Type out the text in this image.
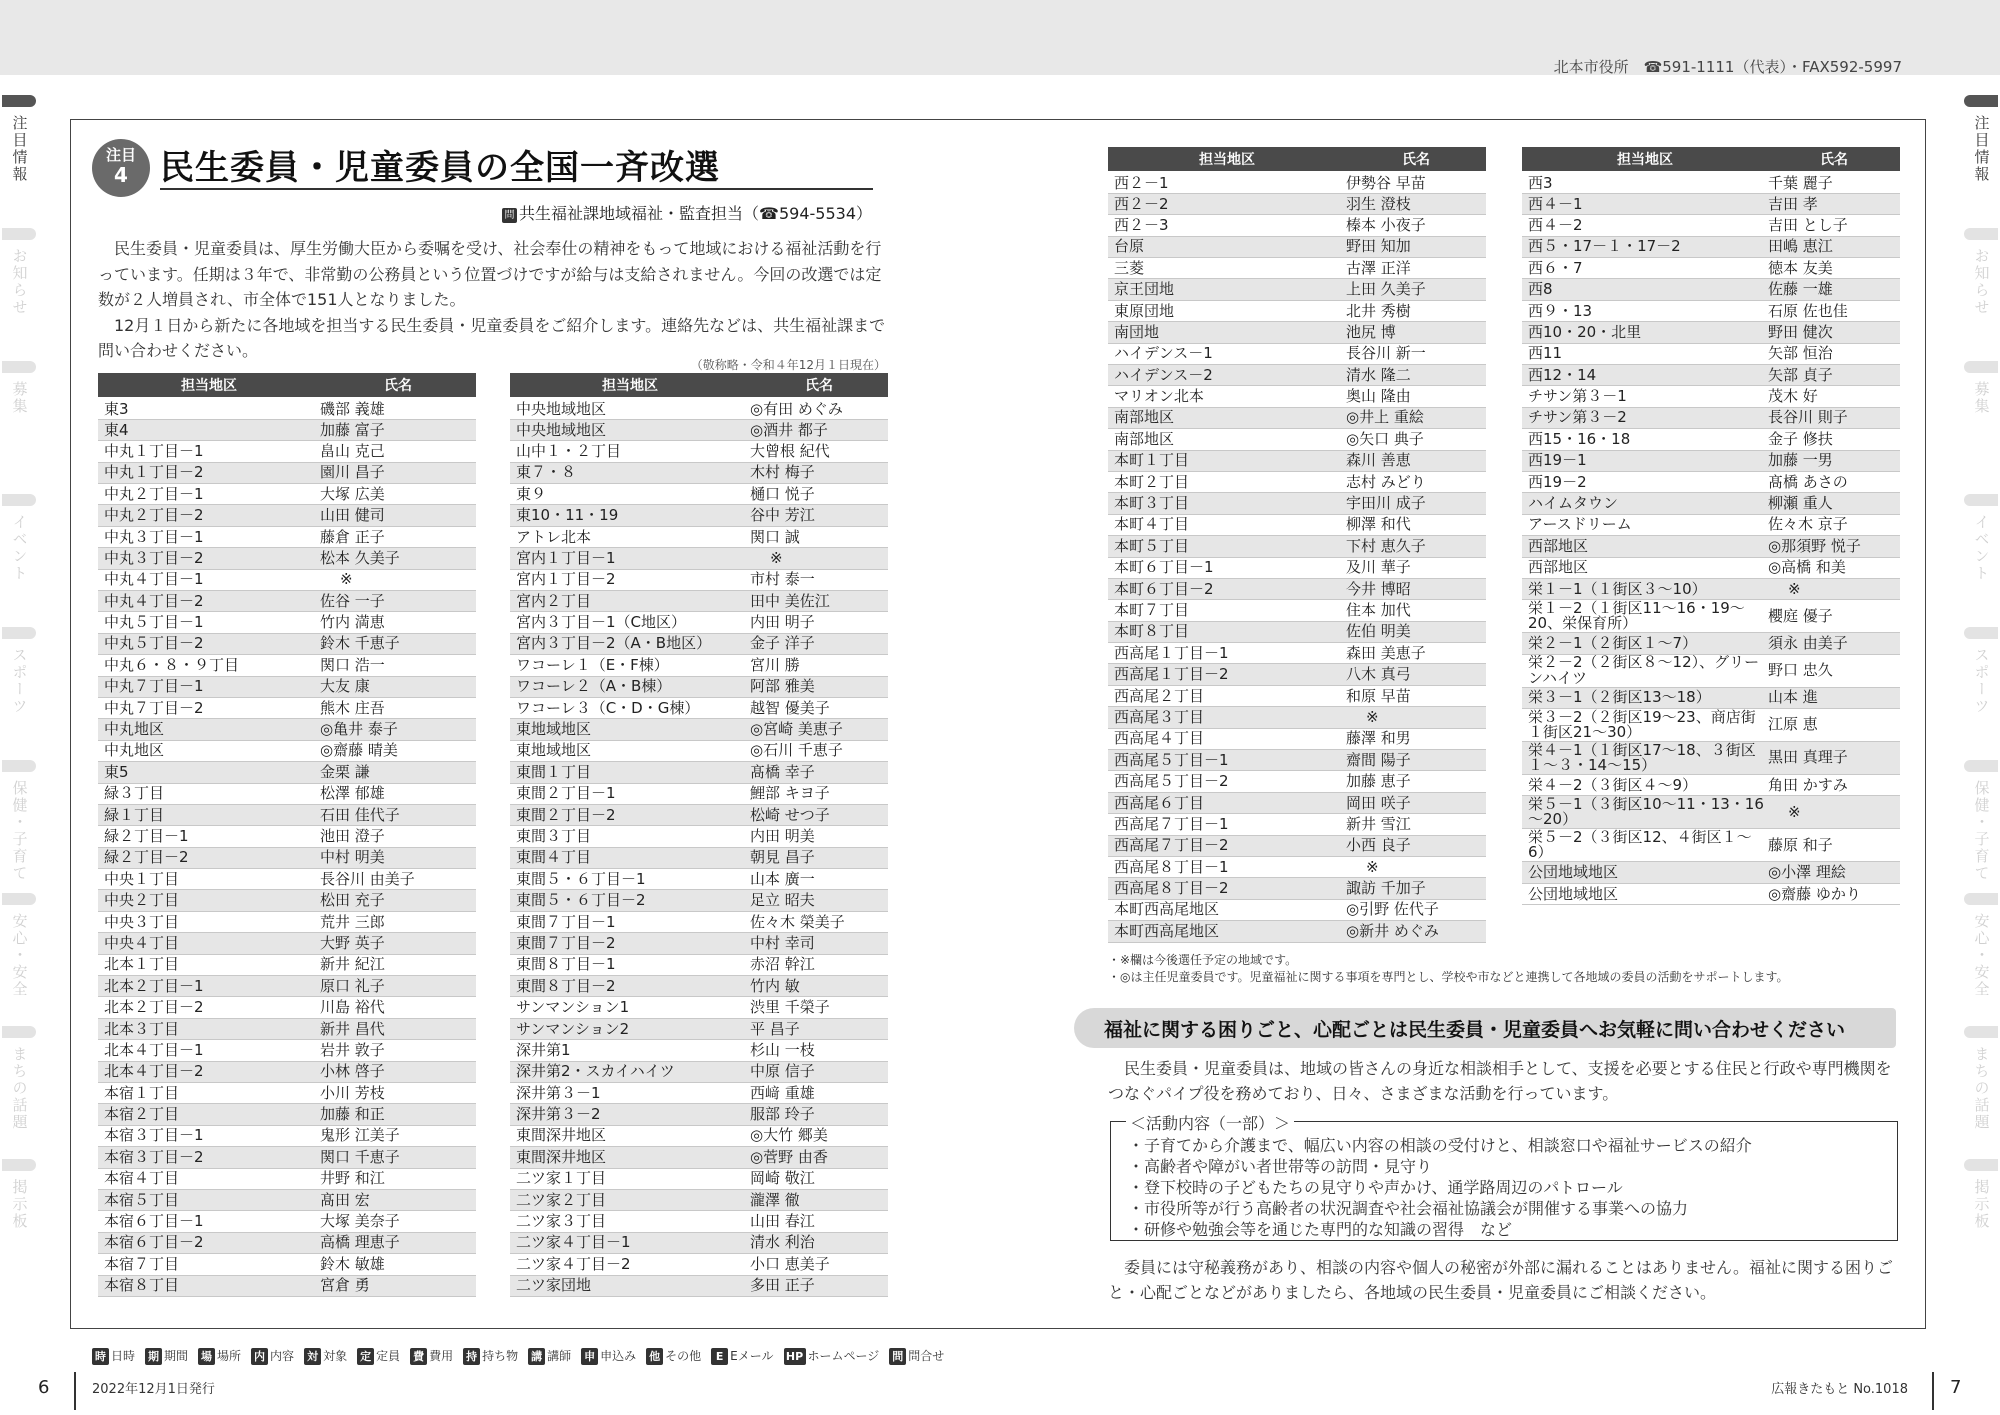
北本市役所　☎591-1111（代表）・FAX592-5997
注目情報
お知らせ
募集
イベント
スポーツ
保健・子育て
安心・安全
まちの話題
掲示板
注目情報
お知らせ
募集
イベント
スポーツ
保健・子育て
安心・安全
まちの話題
掲示板
注目
4 民生委員・児童委員の全国一斉改選
問 共生福祉課地域福祉・監査担当（☎594-5534）

民生委員・児童委員は、厚生労働大臣から委嘱を受け、社会奉仕の精神をもって地域における福祉活動を行っています。任期は３年で、非常勤の公務員という位置づけですが給与は支給されません。今回の改選では定数が２人増員され、市全体で151人となりました。

12月１日から新たに各地域を担当する民生委員・児童委員をご紹介します。連絡先などは、共生福祉課まで問い合わせください。

（敬称略・令和４年12月１日現在）
担当地区	氏名
東3	磯部 義雄
東4	加藤 富子
中丸１丁目－1	畠山 克己
中丸１丁目－2	園川 昌子
中丸２丁目－1	大塚 広美
中丸２丁目－2	山田 健司
中丸３丁目－1	藤倉 正子
中丸３丁目－2	松本 久美子
中丸４丁目－1	※
中丸４丁目－2	佐谷 一子
中丸５丁目－1	竹内 満恵
中丸５丁目－2	鈴木 千恵子
中丸６・８・９丁目	関口 浩一
中丸７丁目－1	大友 康
中丸７丁目－2	熊木 庄吾
中丸地区	◎亀井 泰子
中丸地区	◎齋藤 晴美
東5	金栗 謙
緑３丁目	松澤 郁雄
緑１丁目	石田 佳代子
緑２丁目－1	池田 澄子
緑２丁目－2	中村 明美
中央１丁目	長谷川 由美子
中央２丁目	松田 充子
中央３丁目	荒井 三郎
中央４丁目	大野 英子
北本１丁目	新井 紀江
北本２丁目－1	原口 礼子
北本２丁目－2	川島 裕代
北本３丁目	新井 昌代
北本４丁目－1	岩井 敦子
北本４丁目－2	小林 啓子
本宿１丁目	小川 芳枝
本宿２丁目	加藤 和正
本宿３丁目－1	鬼形 江美子
本宿３丁目－2	関口 千恵子
本宿４丁目	井野 和江
本宿５丁目	髙田 宏
本宿６丁目－1	大塚 美奈子
本宿６丁目－2	高橋 理恵子
本宿７丁目	鈴木 敏雄
本宿８丁目	宮倉 勇
担当地区	氏名
中央地域地区	◎有田 めぐみ
中央地域地区	◎酒井 都子
山中１・２丁目	大曾根 紀代
東７・８	木村 梅子
東９	樋口 悦子
東10・11・19	谷中 芳江
アトレ北本	関口 誠
宮内１丁目－1	※
宮内１丁目－2	市村 泰一
宮内２丁目	田中 美佐江
宮内３丁目－1（C地区）	内田 明子
宮内３丁目－2（A・B地区）	金子 洋子
ワコーレ１（E・F棟）	宮川 勝
ワコーレ２（A・B棟）	阿部 雅美
ワコーレ３（C・D・G棟）	越智 優美子
東地域地区	◎宮崎 美恵子
東地域地区	◎石川 千恵子
東間１丁目	髙橋 幸子
東間２丁目－1	鯉部 キヨ子
東間２丁目－2	松崎 せつ子
東間３丁目	内田 明美
東間４丁目	朝見 昌子
東間５・６丁目－1	山本 廣一
東間５・６丁目－2	足立 昭夫
東間７丁目－1	佐々木 榮美子
東間７丁目－2	中村 幸司
東間８丁目－1	赤沼 幹江
東間８丁目－2	竹内 敏
サンマンション1	渋里 千榮子
サンマンション2	平 昌子
深井第1	杉山 一枝
深井第2・スカイハイツ	中原 信子
深井第３－1	西﨑 重雄
深井第３－2	服部 玲子
東間深井地区	◎大竹 郷美
東間深井地区	◎菅野 由香
二ツ家１丁目	岡崎 敬江
二ツ家２丁目	瀧澤 徹
二ツ家３丁目	山田 春江
二ツ家４丁目－1	清水 利治
二ツ家４丁目－2	小口 恵美子
二ツ家団地	多田 正子
担当地区	氏名
西２－1	伊勢谷 早苗
西２－2	羽生 澄枝
西２－3	榛本 小夜子
台原	野田 知加
三菱	古澤 正洋
京王団地	上田 久美子
東原団地	北井 秀樹
南団地	池尻 博
ハイデンス－1	長谷川 新一
ハイデンス－2	清水 隆二
マリオン北本	奥山 隆由
南部地区	◎井上 重絵
南部地区	◎矢口 典子
本町１丁目	森川 善恵
本町２丁目	志村 みどり
本町３丁目	宇田川 成子
本町４丁目	柳澤 和代
本町５丁目	下村 恵久子
本町６丁目－1	及川 華子
本町６丁目－2	今井 博昭
本町７丁目	住本 加代
本町８丁目	佐伯 明美
西高尾１丁目－1	森田 美恵子
西高尾１丁目－2	八木 真弓
西高尾２丁目	和原 早苗
西高尾３丁目	※
西高尾４丁目	藤澤 和男
西高尾５丁目－1	齋間 陽子
西高尾５丁目－2	加藤 恵子
西高尾６丁目	岡田 咲子
西高尾７丁目－1	新井 雪江
西高尾７丁目－2	小西 良子
西高尾８丁目－1	※
西高尾８丁目－2	諏訪 千加子
本町西高尾地区	◎引野 佐代子
本町西高尾地区	◎新井 めぐみ
担当地区	氏名
西3	千葉 麗子
西４－1	吉田 孝
西４－2	吉田 とし子
西５・17－１・17－2	田嶋 恵江
西６・7	徳本 友美
西8	佐藤 一雄
西９・13	石原 佐也佳
西10・20・北里	野田 健次
西11	矢部 恒治
西12・14	矢部 貞子
チサン第３－1	茂木 好
チサン第３－2	長谷川 則子
西15・16・18	金子 修扶
西19－1	加藤 一男
西19－2	髙橋 あさの
ハイムタウン	柳瀬 重人
アースドリーム	佐々木 京子
西部地区	◎那須野 悦子
西部地区	◎高橋 和美
栄１－1（１街区３～10）	※
栄１－2（１街区11～16・19～20、栄保育所）	櫻庭 優子
栄２－1（２街区１～7）	須永 由美子
栄２－2（２街区８～12）、グリーンハイツ	野口 忠久
栄３－1（２街区13～18）	山本 進
栄３－2（２街区19～23、商店街１街区21～30）	江原 恵
栄４－1（１街区17～18、３街区１～３・14～15）	黒田 真理子
栄４－2（３街区４～9）	角田 かすみ
栄５－1（３街区10～11・13・16～20）	※
栄５－2（３街区12、４街区１～6）	藤原 和子
公団地域地区	◎小澤 理絵
公団地域地区	◎齋藤 ゆかり
・※欄は今後選任予定の地域です。
・◎は主任児童委員です。児童福祉に関する事項を専門とし、学校や市などと連携して各地域の委員の活動をサポートします。
福祉に関する困りごと、心配ごとは民生委員・児童委員へお気軽に問い合わせください

民生委員・児童委員は、地域の皆さんの身近な相談相手として、支援を必要とする住民と行政や専門機関をつなぐパイプ役を務めており、日々、さまざまな活動を行っています。

＜活動内容（一部）＞
・ 子育てから介護まで、幅広い内容の相談の受付けと、相談窓口や福祉サービスの紹介
・ 高齢者や障がい者世帯等の訪問・見守り
・ 登下校時の子どもたちの見守りや声かけ、通学路周辺のパトロール
・ 市役所等が行う高齢者の状況調査や社会福祉協議会が開催する事業への協力
・ 研修や勉強会等を通じた専門的な知識の習得　など

委員には守秘義務があり、相談の内容や個人の秘密が外部に漏れることはありません。福祉に関する困りごと・心配ごとなどがありましたら、各地域の民生委員・児童委員にご相談ください。

時 日時 期 期間 場 場所 内 内容 対 対象 定 定員 費 費用 持 持ち物 講 講師 申 申込み 他 その他 E Eメール HP ホームページ 問 問合せ
6	2022年12月1日発行	広報きたもと No.1018 7
